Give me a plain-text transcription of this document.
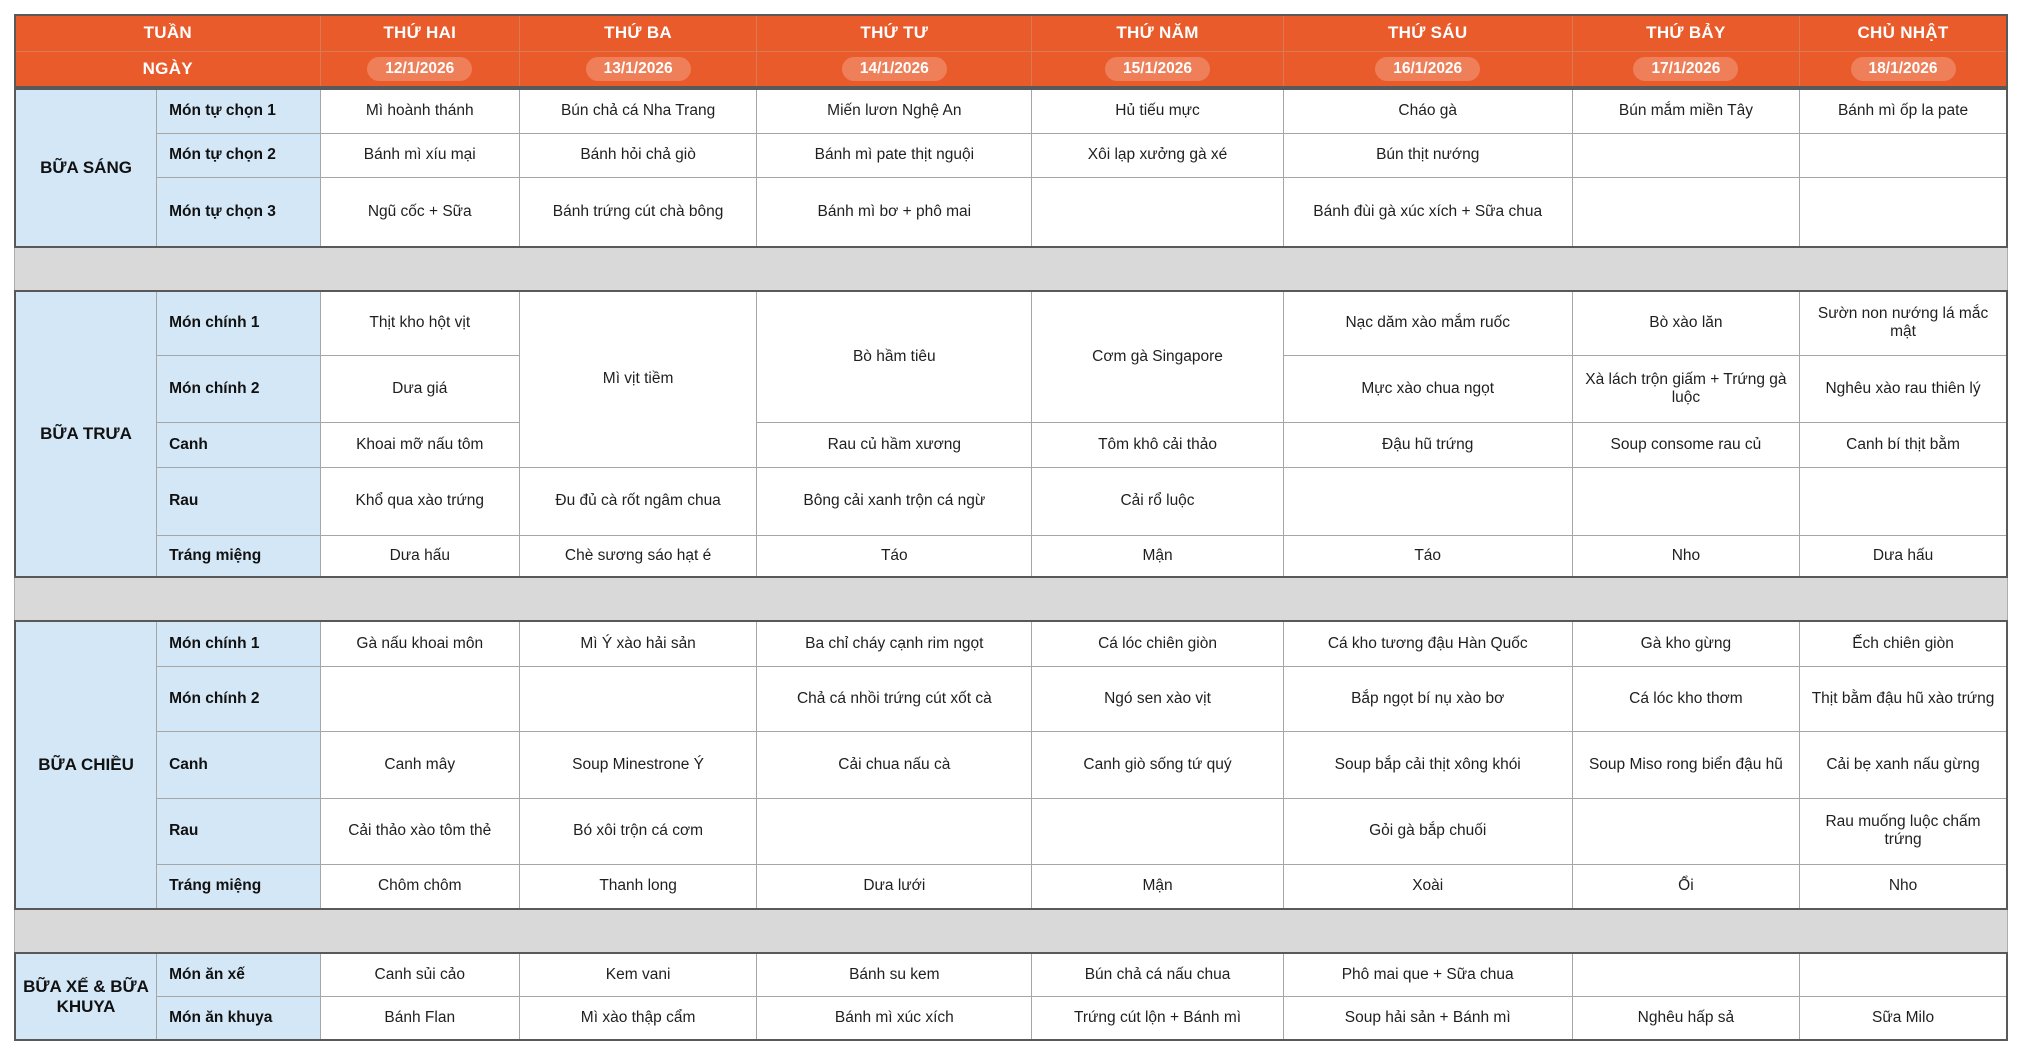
TUẦN	THỨ HAI	THỨ BA	THỨ TƯ	THỨ NĂM	THỨ SÁU	THỨ BẢY	CHỦ NHẬT
NGÀY	12/1/2026	13/1/2026	14/1/2026	15/1/2026	16/1/2026	17/1/2026	18/1/2026
BỮA SÁNG	Món tự chọn 1	Mì hoành thánh	Bún chả cá Nha Trang	Miến lươn Nghệ An	Hủ tiếu mực	Cháo gà	Bún mắm miền Tây	Bánh mì ốp la pate
	Món tự chọn 2	Bánh mì xíu mại	Bánh hỏi chả giò	Bánh mì pate thịt nguội	Xôi lạp xưởng gà xé	Bún thịt nướng		
	Món tự chọn 3	Ngũ cốc + Sữa	Bánh trứng cút chà bông	Bánh mì bơ + phô mai		Bánh đùi gà xúc xích + Sữa chua		
BỮA TRƯA	Món chính 1	Thịt kho hột vịt	Mì vịt tiềm	Bò hầm tiêu	Cơm gà Singapore	Nạc dăm xào mắm ruốc	Bò xào lăn	Sườn non nướng lá mắc mật
	Món chính 2	Dưa giá				Mực xào chua ngọt	Xà lách trộn giấm + Trứng gà luộc	Nghêu xào rau thiên lý
	Canh	Khoai mỡ nấu tôm		Rau củ hầm xương	Tôm khô cải thảo	Đậu hũ trứng	Soup consome rau củ	Canh bí thịt bằm
	Rau	Khổ qua xào trứng	Đu đủ cà rốt ngâm chua	Bông cải xanh trộn cá ngừ	Cải rổ luộc			
	Tráng miệng	Dưa hấu	Chè sương sáo hạt é	Táo	Mận	Táo	Nho	Dưa hấu
BỮA CHIỀU	Món chính 1	Gà nấu khoai môn	Mì Ý xào hải sản	Ba chỉ cháy cạnh rim ngọt	Cá lóc chiên giòn	Cá kho tương đậu Hàn Quốc	Gà kho gừng	Ếch chiên giòn
	Món chính 2			Chả cá nhồi trứng cút xốt cà	Ngó sen xào vịt	Bắp ngọt bí nụ xào bơ	Cá lóc kho thơm	Thịt bằm đậu hũ xào trứng
	Canh	Canh mây	Soup Minestrone Ý	Cải chua nấu cà	Canh giò sống tứ quý	Soup bắp cải thịt xông khói	Soup Miso rong biển đậu hũ	Cải bẹ xanh nấu gừng
	Rau	Cải thảo xào tôm thẻ	Bó xôi trộn cá cơm			Gỏi gà bắp chuối		Rau muống luộc chấm trứng
	Tráng miệng	Chôm chôm	Thanh long	Dưa lưới	Mận	Xoài	Ổi	Nho
BỮA XẾ & BỮA KHUYA	Món ăn xế	Canh sủi cảo	Kem vani	Bánh su kem	Bún chả cá nấu chua	Phô mai que + Sữa chua		
	Món ăn khuya	Bánh Flan	Mì xào thập cẩm	Bánh mì xúc xích	Trứng cút lộn + Bánh mì	Soup hải sản + Bánh mì	Nghêu hấp sả	Sữa Milo
